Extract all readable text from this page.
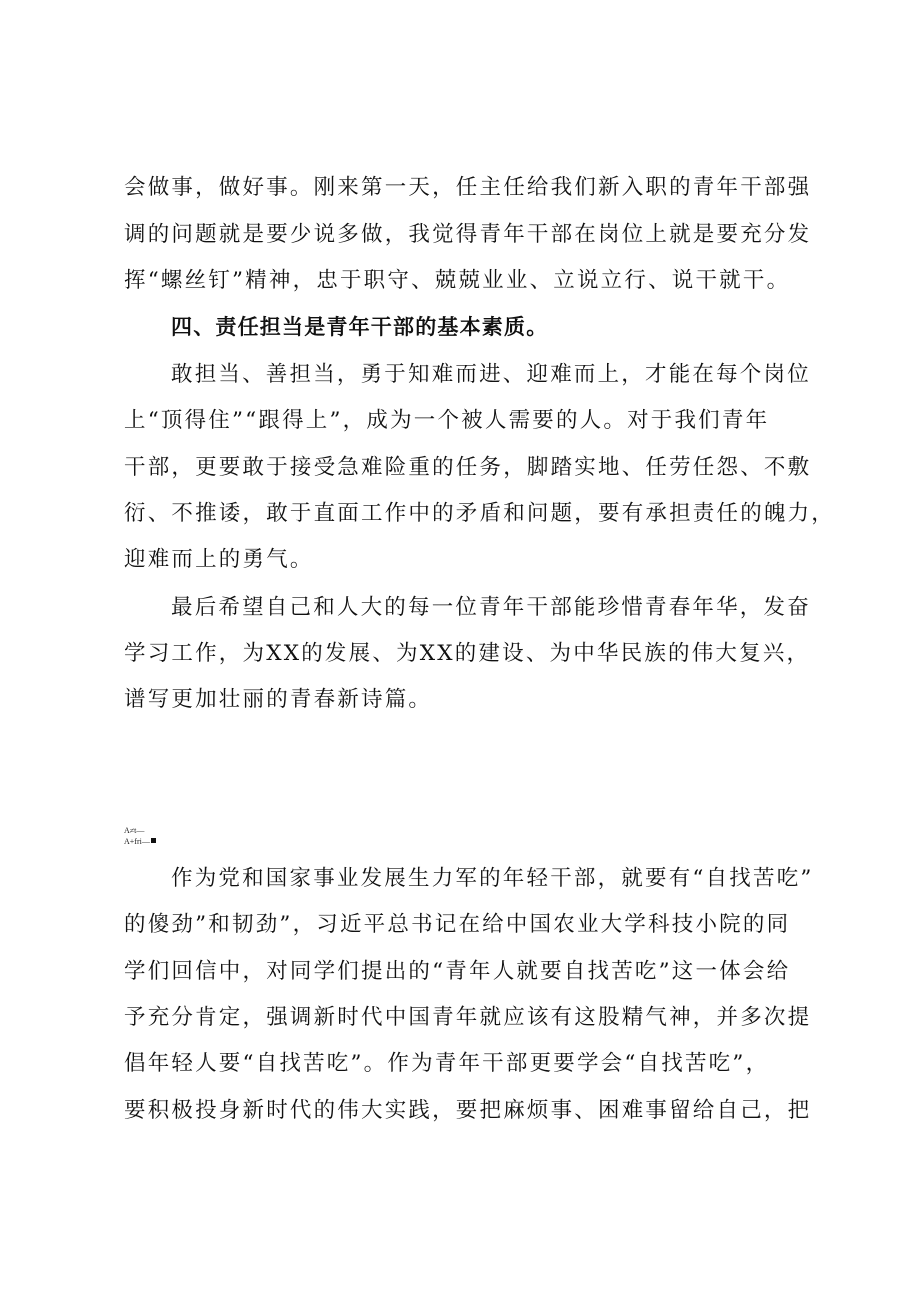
会做事，做好事。刚来第一天，任主任给我们新入职的青年干部强
调的问题就是要少说多做，我觉得青年干部在岗位上就是要充分发
挥“螺丝钉”精神，忠于职守、兢兢业业、立说立行、说干就干。
四、责任担当是青年干部的基本素质。
敢担当、善担当，勇于知难而进、迎难而上，才能在每个岗位
上“顶得住”“跟得上”，成为一个被人需要的人。对于我们青年
干部，更要敢于接受急难险重的任务，脚踏实地、任劳任怨、不敷
衍、不推诿，敢于直面工作中的矛盾和问题，要有承担责任的魄力，
迎难而上的勇气。
最后希望自己和人大的每一位青年干部能珍惜青春年华，发奋
学习工作，为XX的发展、为XX的建设、为中华民族的伟大复兴，
谱写更加壮丽的青春新诗篇。
A≠t—
A+fri—
作为党和国家事业发展生力军的年轻干部，就要有“自找苦吃”
的傻劲”和韧劲”，习近平总书记在给中国农业大学科技小院的同
学们回信中，对同学们提出的“青年人就要自找苦吃”这一体会给
予充分肯定，强调新时代中国青年就应该有这股精气神，并多次提
倡年轻人要“自找苦吃”。作为青年干部更要学会“自找苦吃”，
要积极投身新时代的伟大实践，要把麻烦事、困难事留给自己，把
